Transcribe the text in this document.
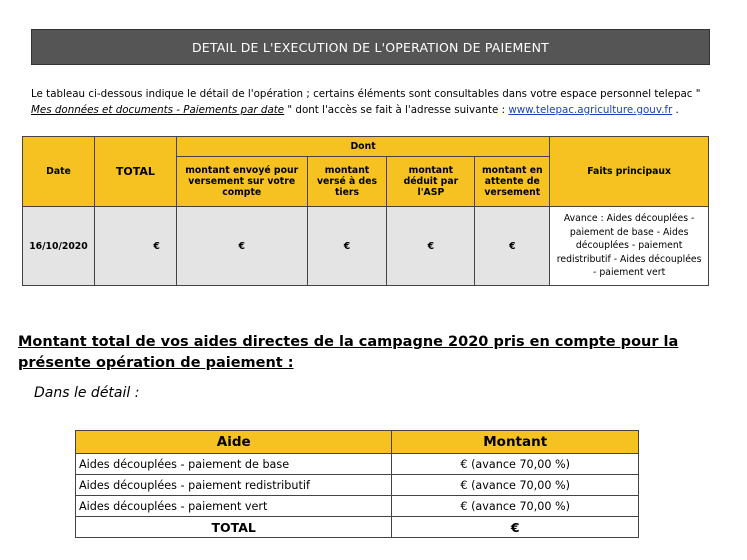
DETAIL DE L'EXECUTION DE L'OPERATION DE PAIEMENT
Le tableau ci-dessous indique le détail de l'opération ; certains éléments sont consultables dans votre espace personnel telepac "
Mes données et documents - Paiements par date " dont l'accès se fait à l'adresse suivante : www.telepac.agriculture.gouv.fr .
Date	TOTAL	Dont				Faits principaux
		montant envoyé pour versement sur votre compte	montant versé à des tiers	montant déduit par l'ASP	montant en attente de versement	
16/10/2020	€	€	€	€	€	Avance : Aides découplées - paiement de base - Aides découplées - paiement redistributif - Aides découplées - paiement vert
Montant total de vos aides directes de la campagne 2020 pris en compte pour la présente opération de paiement :
Dans le détail :
Aide	Montant
Aides découplées - paiement de base	€ (avance 70,00 %)
Aides découplées - paiement redistributif	€ (avance 70,00 %)
Aides découplées - paiement vert	€ (avance 70,00 %)
TOTAL	€
